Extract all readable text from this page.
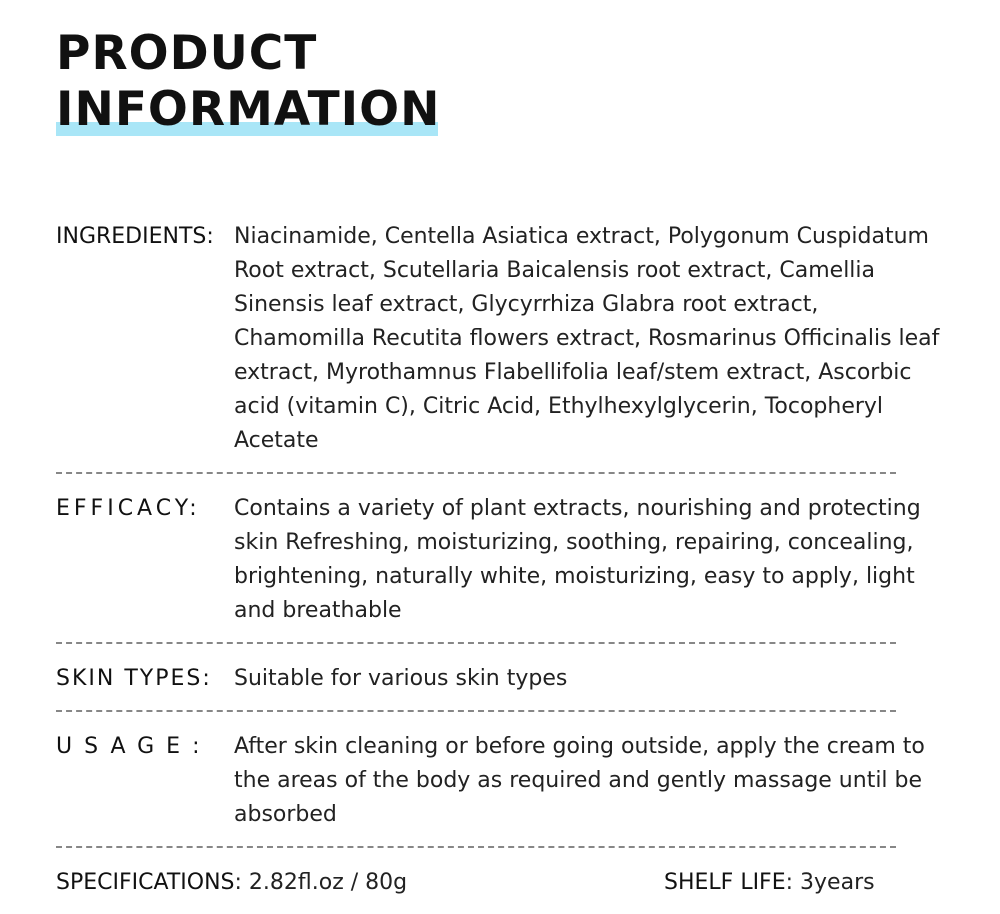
PRODUCT
INFORMATION
INGREDIENTS: Niacinamide, Centella Asiatica extract, Polygonum Cuspidatum Root extract, Scutellaria Baicalensis root extract, Camellia Sinensis leaf extract, Glycyrrhiza Glabra root extract, Chamomilla Recutita flowers extract, Rosmarinus Officinalis leaf extract, Myrothamnus Flabellifolia leaf/stem extract, Ascorbic acid (vitamin C), Citric Acid, Ethylhexylglycerin, Tocopheryl Acetate
EFFICACY:	Contains a variety of plant extracts, nourishing and protecting skin Refreshing, moisturizing, soothing, repairing, concealing, brightening, naturally white, moisturizing, easy to apply, light and breathable
SKIN TYPES:	Suitable for various skin types
USAGE:	After skin cleaning or before going outside, apply the cream to the areas of the body as required and gently massage until be absorbed
SPECIFICATIONS: 2.82fl.oz / 80g	SHELF LIFE: 3years
